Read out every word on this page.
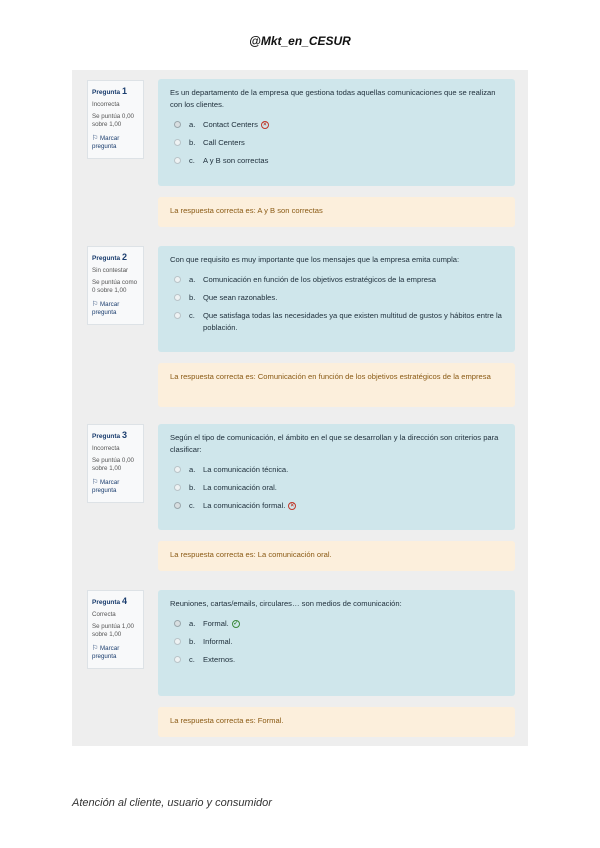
@Mkt_en_CESUR
Pregunta 1
Incorrecta
Se puntúa 0,00 sobre 1,00
⚐ Marcar pregunta
Es un departamento de la empresa que gestiona todas aquellas comunicaciones que se realizan con los clientes.
a.	Contact Centers ×
b.	Call Centers
c.	A y B son correctas
La respuesta correcta es: A y B son correctas
Pregunta 2
Sin contestar
Se puntúa como 0 sobre 1,00
⚐ Marcar pregunta
Con que requisito es muy importante que los mensajes que la empresa emita cumpla:
a.	Comunicación en función de los objetivos estratégicos de la empresa
b.	Que sean razonables.
c.	Que satisfaga todas las necesidades ya que existen multitud de gustos y hábitos entre la población.
La respuesta correcta es: Comunicación en función de los objetivos estratégicos de la empresa
Pregunta 3
Incorrecta
Se puntúa 0,00 sobre 1,00
⚐ Marcar pregunta
Según el tipo de comunicación, el ámbito en el que se desarrollan y la dirección son criterios para clasificar:
a.	La comunicación técnica.
b.	La comunicación oral.
c.	La comunicación formal. ×
La respuesta correcta es: La comunicación oral.
Pregunta 4
Correcta
Se puntúa 1,00 sobre 1,00
⚐ Marcar pregunta
Reuniones, cartas/emails, circulares… son medios de comunicación:
a.	Formal. ✓
b.	Informal.
c.	Externos.
La respuesta correcta es: Formal.
Atención al cliente, usuario y consumidor
